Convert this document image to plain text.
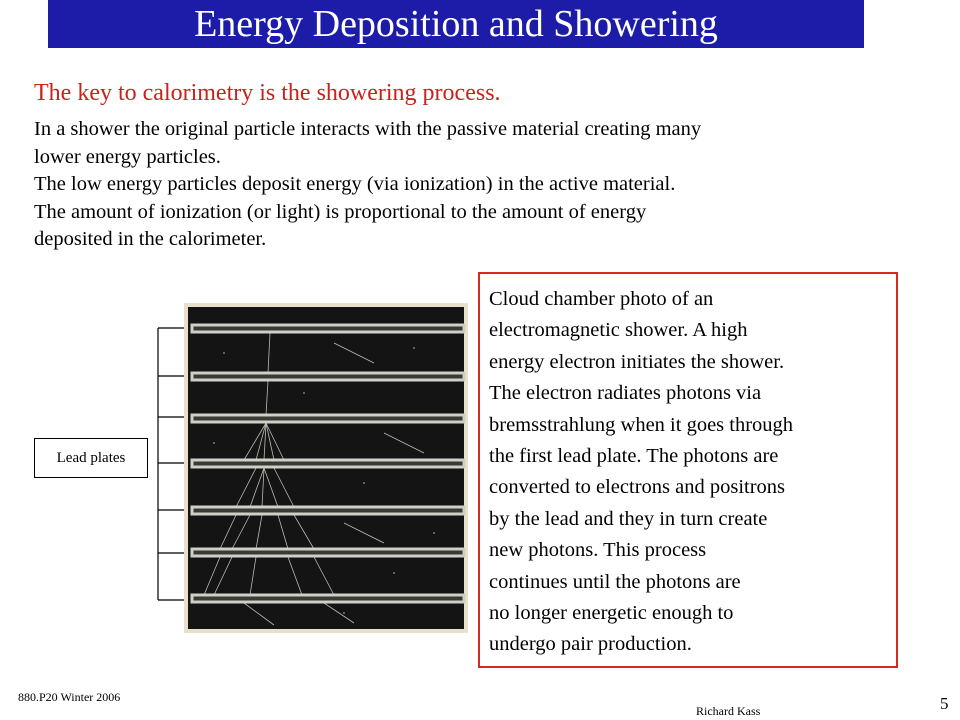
Energy Deposition and Showering
The key to calorimetry is the showering process.

In a shower the original particle interacts with the passive material creating many

lower energy particles.

The low energy particles deposit energy (via ionization) in the active material.

The amount of ionization (or light) is proportional to the amount of energy

deposited in the calorimeter.

Lead plates

Cloud chamber photo of an

electromagnetic shower. A high

energy electron initiates the shower.

The electron radiates photons via

bremsstrahlung when it goes through

the first lead plate. The photons are

converted to electrons and positrons

by the lead and they in turn create

new photons. This process

continues until the photons are

no longer energetic enough to

undergo pair production.

880.P20 Winter 2006
Richard Kass	5
